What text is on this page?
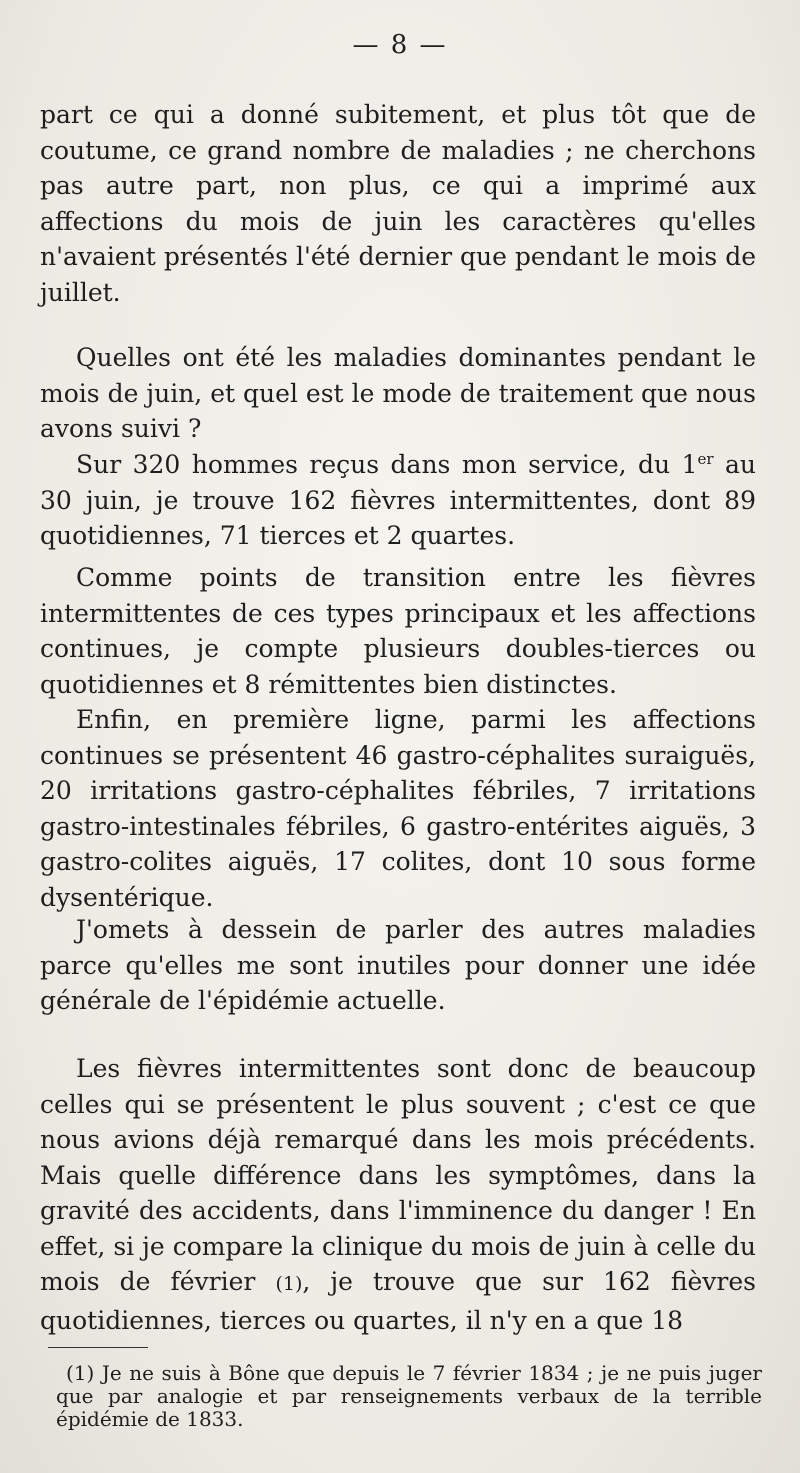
— 8 —

part ce qui a donné subitement, et plus tôt que de coutume, ce grand nombre de maladies ; ne cherchons pas autre part, non plus, ce qui a imprimé aux affections du mois de juin les caractères qu'elles n'avaient présentés l'été dernier que pendant le mois de juillet.

Quelles ont été les maladies dominantes pendant le mois de juin, et quel est le mode de traitement que nous avons suivi ?

Sur 320 hommes reçus dans mon service, du 1er au 30 juin, je trouve 162 fièvres intermittentes, dont 89 quotidiennes, 71 tierces et 2 quartes.

Comme points de transition entre les fièvres intermittentes de ces types principaux et les affections continues, je compte plusieurs doubles-tierces ou quotidiennes et 8 rémittentes bien distinctes.

Enfin, en première ligne, parmi les affections continues se présentent 46 gastro-céphalites suraiguës, 20 irritations gastro-céphalites fébriles, 7 irritations gastro-intestinales fébriles, 6 gastro-entérites aiguës, 3 gastro-colites aiguës, 17 colites, dont 10 sous forme dysentérique.

J'omets à dessein de parler des autres maladies parce qu'elles me sont inutiles pour donner une idée générale de l'épidémie actuelle.

Les fièvres intermittentes sont donc de beaucoup celles qui se présentent le plus souvent ; c'est ce que nous avions déjà remarqué dans les mois précédents. Mais quelle différence dans les symptômes, dans la gravité des accidents, dans l'imminence du danger ! En effet, si je compare la clinique du mois de juin à celle du mois de février (1), je trouve que sur 162 fièvres quotidiennes, tierces ou quartes, il n'y en a que 18

(1) Je ne suis à Bône que depuis le 7 février 1834 ; je ne puis juger que par analogie et par renseignements verbaux de la terrible épidémie de 1833.
